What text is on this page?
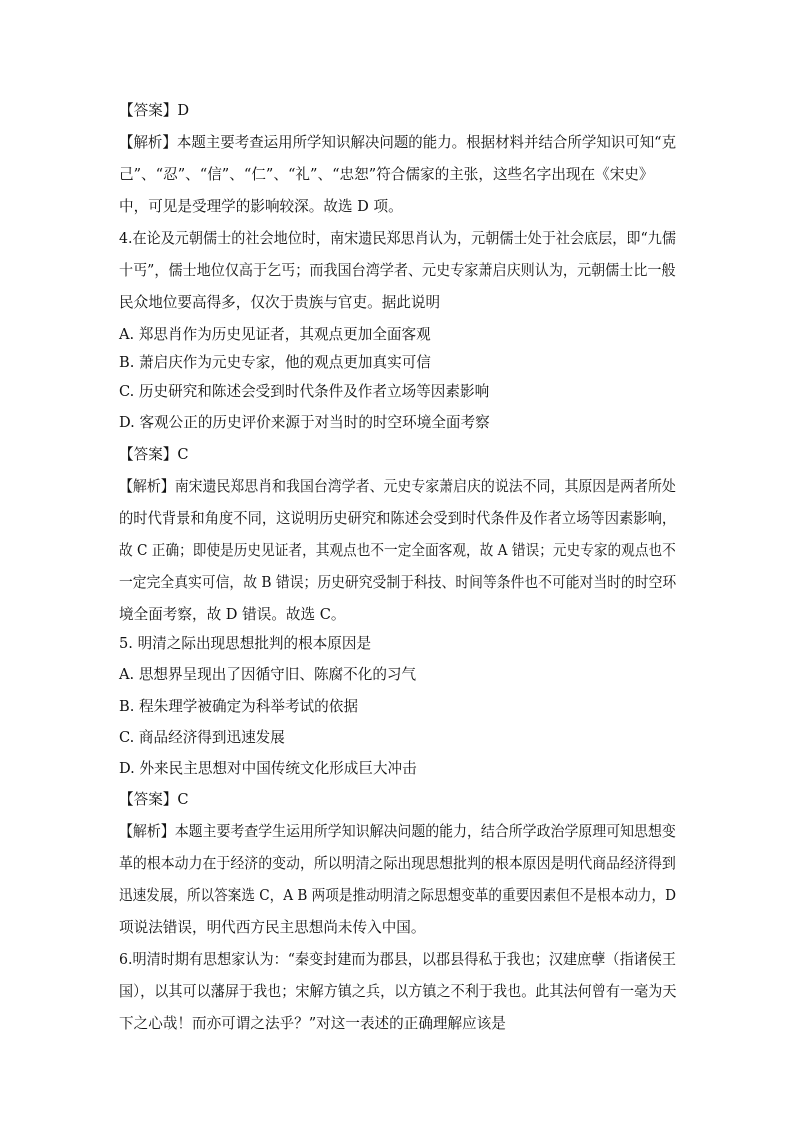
【答案】D
【解析】本题主要考查运用所学知识解决问题的能力。根据材料并结合所学知识可知“克
己”、“忍”、“信”、“仁”、“礼”、“忠恕”符合儒家的主张，这些名字出现在《宋史》
中，可见是受理学的影响较深。故选 D 项。
4.在论及元朝儒士的社会地位时，南宋遗民郑思肖认为，元朝儒士处于社会底层，即“九儒
十丐”，儒士地位仅高于乞丐；而我国台湾学者、元史专家萧启庆则认为，元朝儒士比一般
民众地位要高得多，仅次于贵族与官吏。据此说明
A. 郑思肖作为历史见证者，其观点更加全面客观
B. 萧启庆作为元史专家，他的观点更加真实可信
C. 历史研究和陈述会受到时代条件及作者立场等因素影响
D. 客观公正的历史评价来源于对当时的时空环境全面考察
【答案】C
【解析】南宋遗民郑思肖和我国台湾学者、元史专家萧启庆的说法不同，其原因是两者所处
的时代背景和角度不同，这说明历史研究和陈述会受到时代条件及作者立场等因素影响，
故 C 正确；即使是历史见证者，其观点也不一定全面客观，故 A 错误；元史专家的观点也不
一定完全真实可信，故 B 错误；历史研究受制于科技、时间等条件也不可能对当时的时空环
境全面考察，故 D 错误。故选 C。
5. 明清之际出现思想批判的根本原因是
A. 思想界呈现出了因循守旧、陈腐不化的习气
B. 程朱理学被确定为科举考试的依据
C. 商品经济得到迅速发展
D. 外来民主思想对中国传统文化形成巨大冲击
【答案】C
【解析】本题主要考查学生运用所学知识解决问题的能力，结合所学政治学原理可知思想变
革的根本动力在于经济的变动，所以明清之际出现思想批判的根本原因是明代商品经济得到
迅速发展，所以答案选 C，A B 两项是推动明清之际思想变革的重要因素但不是根本动力，D
项说法错误，明代西方民主思想尚未传入中国。
6.明清时期有思想家认为：“秦变封建而为郡县，以郡县得私于我也；汉建庶孽（指诸侯王
国），以其可以藩屏于我也；宋解方镇之兵，以方镇之不利于我也。此其法何曾有一毫为天
下之心哉！而亦可谓之法乎？”对这一表述的正确理解应该是
